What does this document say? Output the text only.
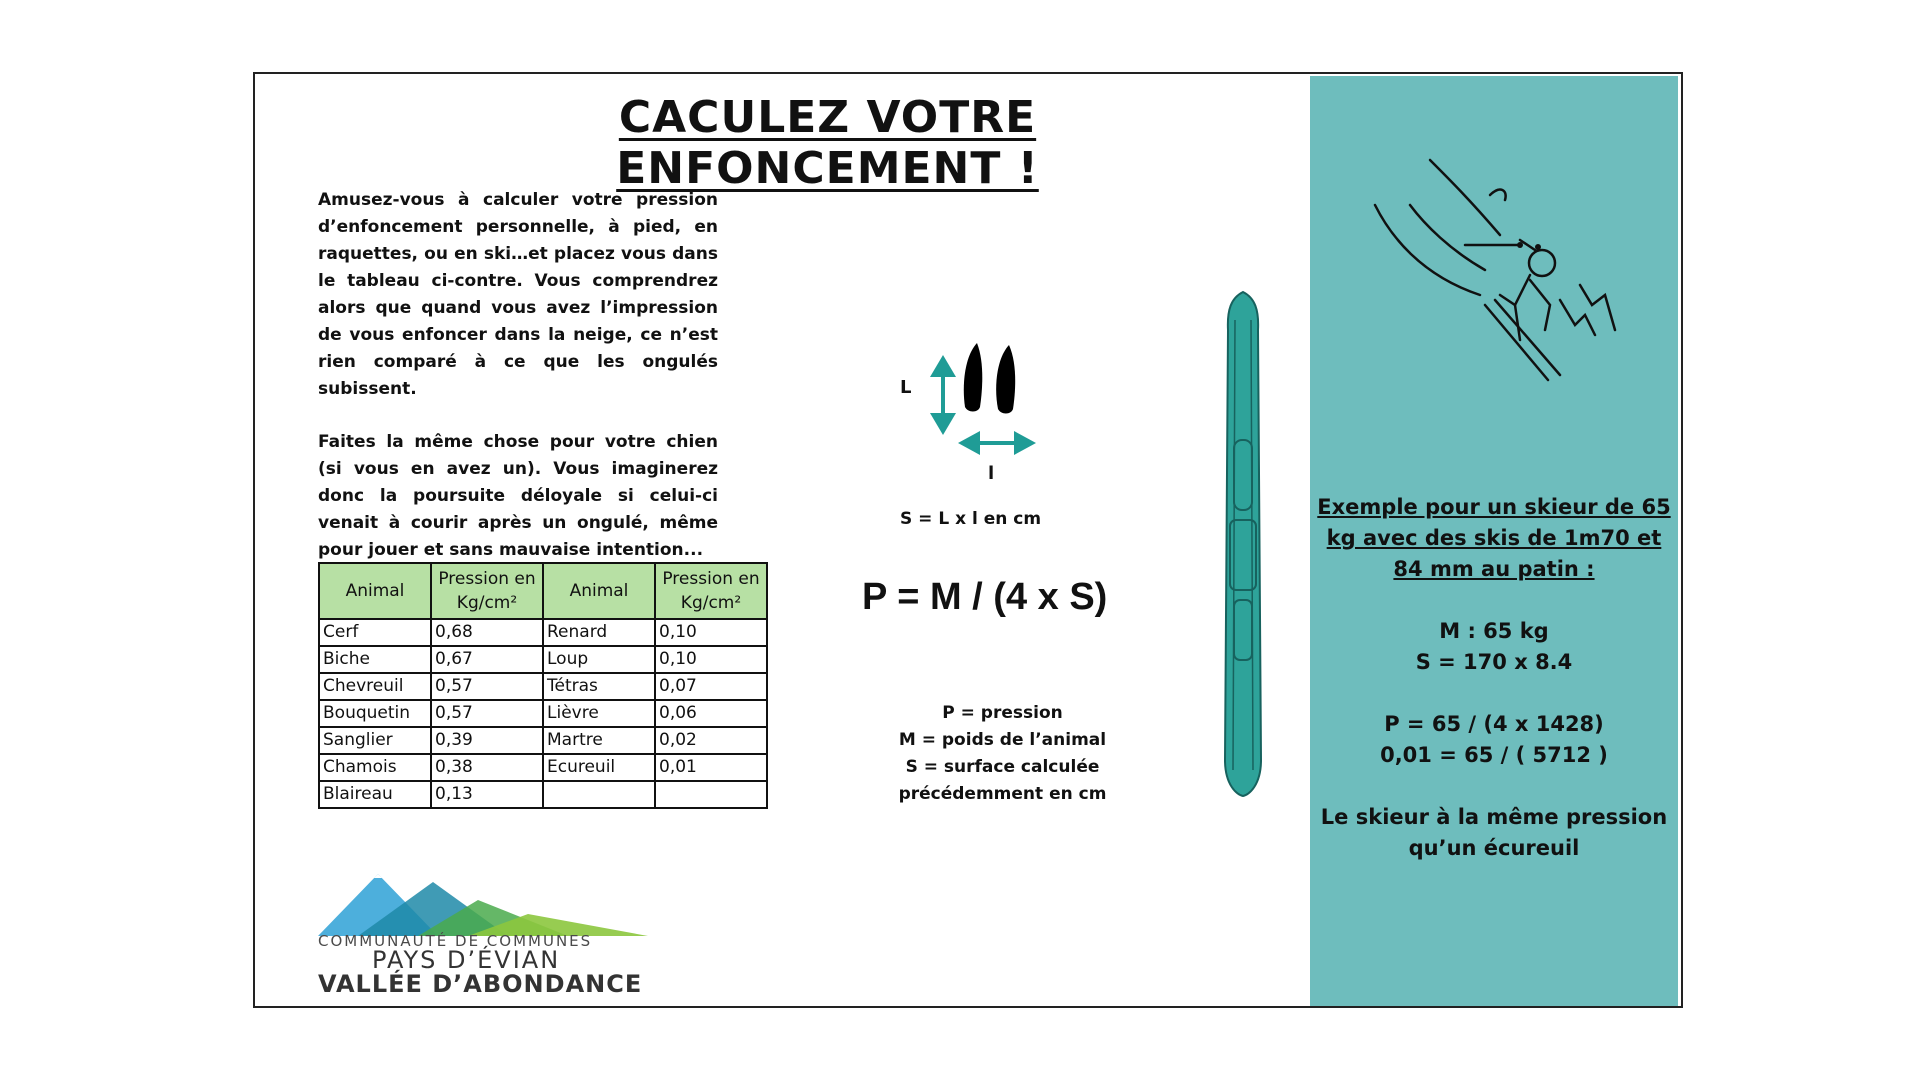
CACULEZ VOTRE ENFONCEMENT !

Amusez-vous à calculer votre pression d’enfoncement personnelle, à pied, en raquettes, ou en ski…et placez vous dans le tableau ci-contre. Vous comprendrez alors que quand vous avez l’impression de vous enfoncer dans la neige, ce n’est rien comparé à ce que les ongulés subissent.

Faites la même chose pour votre chien (si vous en avez un). Vous imaginerez donc la poursuite déloyale si celui-ci venait à courir après un ongulé, même pour jouer et sans mauvaise intention...

Animal	Pression en Kg/cm²	Animal	Pression en Kg/cm²
Cerf	0,68	Renard	0,10
Biche	0,67	Loup	0,10
Chevreuil	0,57	Tétras	0,07
Bouquetin	0,57	Lièvre	0,06
Sanglier	0,39	Martre	0,02
Chamois	0,38	Ecureuil	0,01
Blaireau	0,13		
L
l
S = L x l en cm
P = M / (4 x S)
P = pression
M = poids de l’animal
S = surface calculée précédemment en cm
Exemple pour un skieur de 65 kg avec des skis de 1m70 et 84 mm au patin :
M : 65 kg
S = 170 x 8.4
P = 65 / (4 x 1428)
0,01 = 65 / ( 5712 )
Le skieur à la même pression qu’un écureuil
COMMUNAUTÉ DE COMMUNES
PAYS D’ÉVIAN
VALLÉE D’ABONDANCE
